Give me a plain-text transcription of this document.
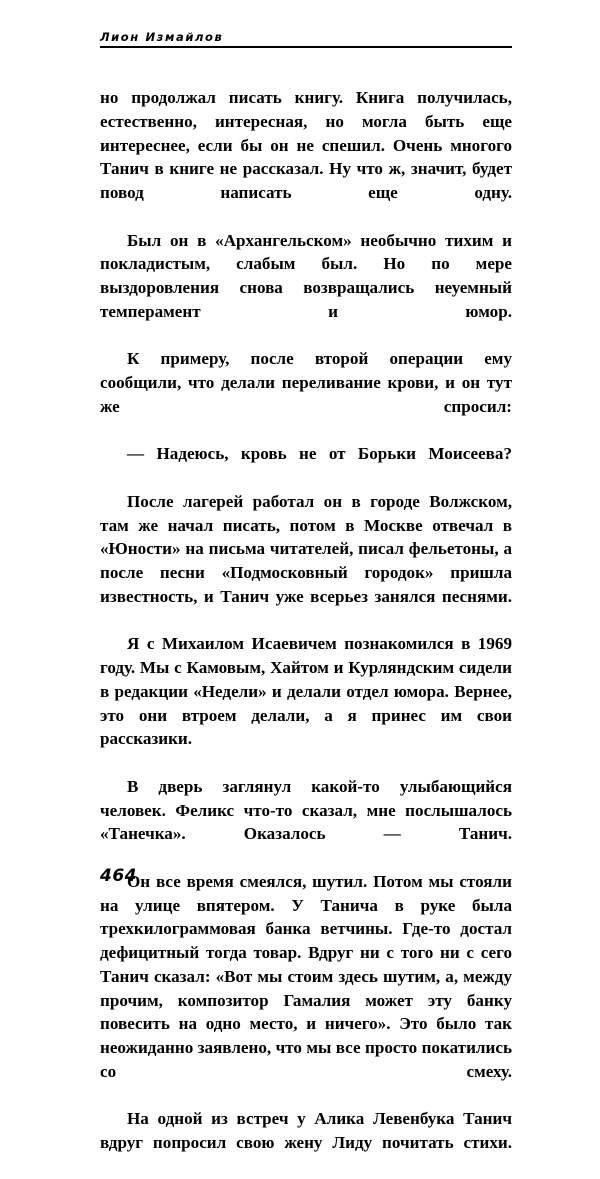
Лион Измайлов

но продолжал писать книгу. Книга получилась, естественно, интересная, но могла быть еще интереснее, если бы он не спешил. Очень многого Танич в книге не рассказал. Ну что ж, значит, будет повод написать еще одну.

Был он в «Архангельском» необычно тихим и покладистым, слабым был. Но по мере выздоровления снова возвращались неуемный темперамент и юмор.

К примеру, после второй операции ему сообщили, что делали переливание крови, и он тут же спросил:

— Надеюсь, кровь не от Борьки Моисеева?

После лагерей работал он в городе Волжском, там же начал писать, потом в Москве отвечал в «Юности» на письма читателей, писал фельетоны, а после песни «Подмосковный городок» пришла известность, и Танич уже всерьез занялся песнями.

Я с Михаилом Исаевичем познакомился в 1969 году. Мы с Камовым, Хайтом и Курляндским сидели в редакции «Недели» и делали отдел юмора. Вернее, это они втроем делали, а я принес им свои рассказики.

В дверь заглянул какой-то улыбающийся человек. Феликс что-то сказал, мне послышалось «Танечка». Оказалось — Танич.

Он все время смеялся, шутил. Потом мы стояли на улице впятером. У Танича в руке была трехкилограммовая банка ветчины. Где-то достал дефицитный тогда товар. Вдруг ни с того ни с сего Танич сказал: «Вот мы стоим здесь шутим, а, между прочим, композитор Гамалия может эту банку повесить на одно место, и ничего». Это было так неожиданно заявлено, что мы все просто покатились со смеху.

На одной из встреч у Алика Левенбука Танич вдруг попросил свою жену Лиду почитать стихи.

464
